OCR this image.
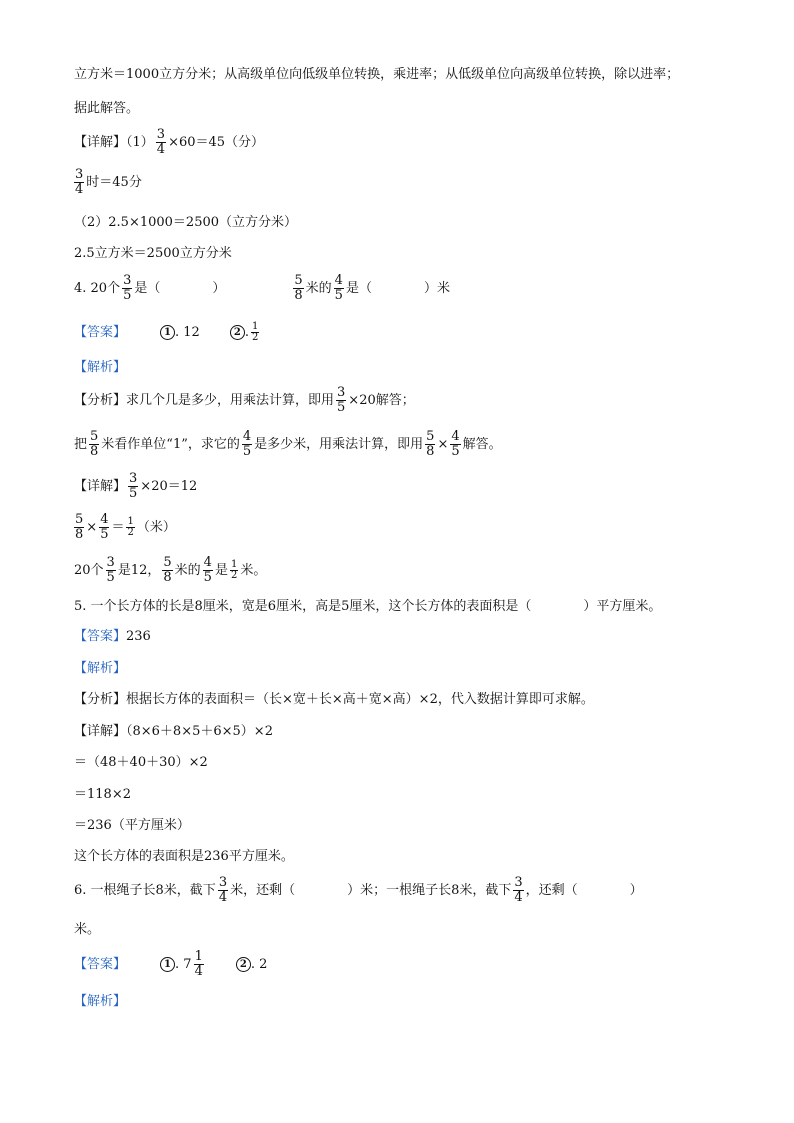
立方米＝1000立方分米；从高级单位向低级单位转换，乘进率；从低级单位向高级单位转换，除以进率；
据此解答。
【详解】$(1) \frac{3}{4} \times 60=45$（分）
$\frac{3}{4}$ 时＝45分
（2）2.5×1000＝2500（立方分米）
2.5立方米＝2500立方分米
4. 20个 $\frac{3}{5}$ 是（　　　　）	$\frac{5}{8}$ 米的 $\frac{4}{5}$ 是（　　　　）米
【答案】	1 . 12	2 . $\frac{1}{2}$
【解析】
【分析】求几个几是多少，用乘法计算，即用 $\frac{3}{5} \times 20$解答；
把 $\frac{5}{8}$ 米看作单位“1”，求它的 $\frac{4}{5}$ 是多少米，用乘法计算，即用 $\frac{5}{8} \times \frac{4}{5}$ 解答。
【详解】 $\frac{3}{5} \times 20=12$
$\frac{5}{8} \times \frac{4}{5} = \frac{1}{2}$ （米）
20个 $\frac{3}{5}$ 是12， $\frac{5}{8}$ 米的 $\frac{4}{5}$ 是 $\frac{1}{2}$ 米。
5. 一个长方体的长是8厘米，宽是6厘米，高是5厘米，这个长方体的表面积是（　　　　）平方厘米。
【答案】236
【解析】
【分析】根据长方体的表面积＝（长×宽＋长×高＋宽×高）×2，代入数据计算即可求解。
【详解】（8×6＋8×5＋6×5）×2
＝（48＋40＋30）×2
＝118×2
＝236（平方厘米）
这个长方体的表面积是236平方厘米。
6. 一根绳子长8米，截下 $\frac{3}{4}$ 米，还剩（　　　　）米；一根绳子长8米，截下 $\frac{3}{4}$ ，还剩（　　　　）
米。
【答案】	1 . $7 \frac{1}{4}$	2 . 2
【解析】
